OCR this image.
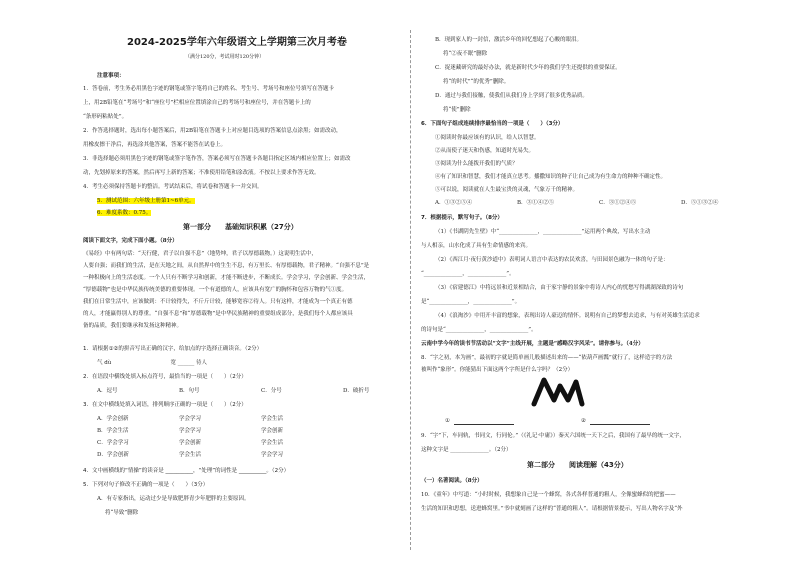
2024-2025学年六年级语文上学期第三次月考卷
（满分120分，考试用时120分钟）
注意事项：
1．答卷前，考生务必用黑色字迹的钢笔或签字笔将自己的姓名、考生号、考场号和座位号填写在答题卡
上，用2B铅笔在“考场号”和“座位号”栏相应位置填涂自己的考场号和座位号，并在答题卡上的
“条形码粘贴处”。
2．作答选择题时，选出每小题答案后，用2B铅笔在答题卡上对应题目选项的答案信息点涂黑；如需改动，
用橡皮擦干净后，再选涂其他答案，答案不能答在试卷上。
3．非选择题必须用黑色字迹的钢笔或签字笔作答，答案必须写在答题卡各题目指定区域内相应位置上；如需改
动，先划掉原来的答案，然后再写上新的答案；不准使用铅笔和涂改液。不按以上要求作答无效。
4．考生必须保持答题卡的整洁。考试结束后，将试卷和答题卡一并交回。
5．测试范围：六年级上册第1~6单元。
6．难度系数：0.75。
第一部分　　基础知识积累（27分）
阅读下面文字，完成下面小题。（8分）
《易经》中有两句话：“天行健，君子以自强不息”（地势坤，君子以厚德载物。）这说明生活中，
人要自强；而我们的生活，是在天地之间，从自然界中的生生不息，有万里长、有厚德载物，君子精神。“自强不息”是
一种积极向上的生活态度。一个人只有不断学习和创新，才能不断进步，不断成长。学会学习，学会创新、学会生活，
“厚德载物”也是中华民族传统美德的重要体现。一个有道德的人，应该具有宽广的胸怀和包容万物的气①度。
我们在日常生活中，应该做到：不计较得失，不斤斤计较，能够宽容②待人。只有这样，才能成为一个真正有德
的人，才能赢得别人的尊重。“自强不息”和“厚德载物”是中华民族精神的重要组成部分，是我们每个人都应该具
备的品质，我们要继承和发扬这种精神。
1．请根据①②的拼音写出正确的汉字，给加点的字选择正确读音。（2分）
气 dù	　　　　　宽 ______ 待人
2．在语段中横线处填入标点符号，最恰当的一项是（　　）（2分）
A．逗号	B．句号	C．分号	D．破折号
3．在文中横线处填入词语，排列顺序正确的一项是（　　）（2分）
A．学会创新	学会学习	学会生活
B．学会生活	学会学习	学会创新
C．学会学习	学会创新	学会生活
D．学会创新	学会生活	学会学习
4．文中画横线的“情操”的读音是 __________，“处理”的词性是 __________。（2分）
5．下列对句子修改不正确的一项是（　　）（3分）
A．有专家指出，运动过少是导致肥胖青少年肥胖的主要原因。
将“导致”删除
B．现到家人的一封信，激活乡年的回忆想起了心酸的眼泪。
将“②夜不眠”删除
C．捉迷藏研究的最好办法，就是新时代少年的我们学生还提供的重要保证。
将“的时代”“的优秀”删除。
D．通过与我们接触，使我们从我们身上学到了很多优秀品质。
将“使”删除
6．下面句子组成连续排序最恰当的一项是（　　）（3分）
①阅读时你最应该有的认识，给人以智慧。
②从而使子迷天和伤感，知道时光易失。
③阅读为什么能拨开我们的气质？
④有了知识和智慧，我们才能真立思考。播撒知识的种子让自己成为有生命力的种种不确定性。
⑤可以说，阅读就在人生最宝贵的灵魂，气象万千的精神。
A．①③②⑤④	B．③①④②⑤	C．③①②④⑤	D．⑤①③②④
7．根据提示，默写句子。（8分）
（1）《书湖阴先生壁》中“______________，______________”运用两个典故，写出水主动
与人相亲，山水化成了具有生命情感的来宾。
（2）《西江月·夜行黄沙道中》表明词人语言中表达的农民欢喜，与田园景色融为一体的句子是：
“______________，______________”。
（3）《宿建德江》中将远景和近景相结合，由于家宇静的景象中将诗人内心的忧愁写得湖湖深致的诗句
是“______________，______________”。
（4）《浪淘沙》中用开丰富的想象，表现出诗人豪迈的情怀。说明有自己的梦想去追求，与有对英雄生活追求
的诗句是“______________，______________”。
云南中学今年的读书节活动以“文字”主线开展，主题是“感略汉字风采”。请你参与。（4分）
8．“字之初，本为画”，最初的字就是简单画儿般描述出来的——“依葫芦画瓢”就行了，这样造字的方法
被叫作“象形”。你能猜出下面这两个字所是什么字吗？（2分）
①	②
9．“字”下，车同轨，书同文，行同伦。”（《礼记·中庸》）秦灭六国统一天下之后，我国有了最早的统一文字，
这种文字是 ______________。（2分）
第二部分　　阅读理解（43分）
（一）名著阅读。（8分）
10．《童年》中写道：“小时时候，我想象自己是一个蜂窝，各式各样普通的粗人，全像蜜蜂似的把蜜——
生活的知识和思想，送进蜂窝里。”书中就刻画了这样的“普通的粗人”。请根据情景提示，写出人物名字及“外
